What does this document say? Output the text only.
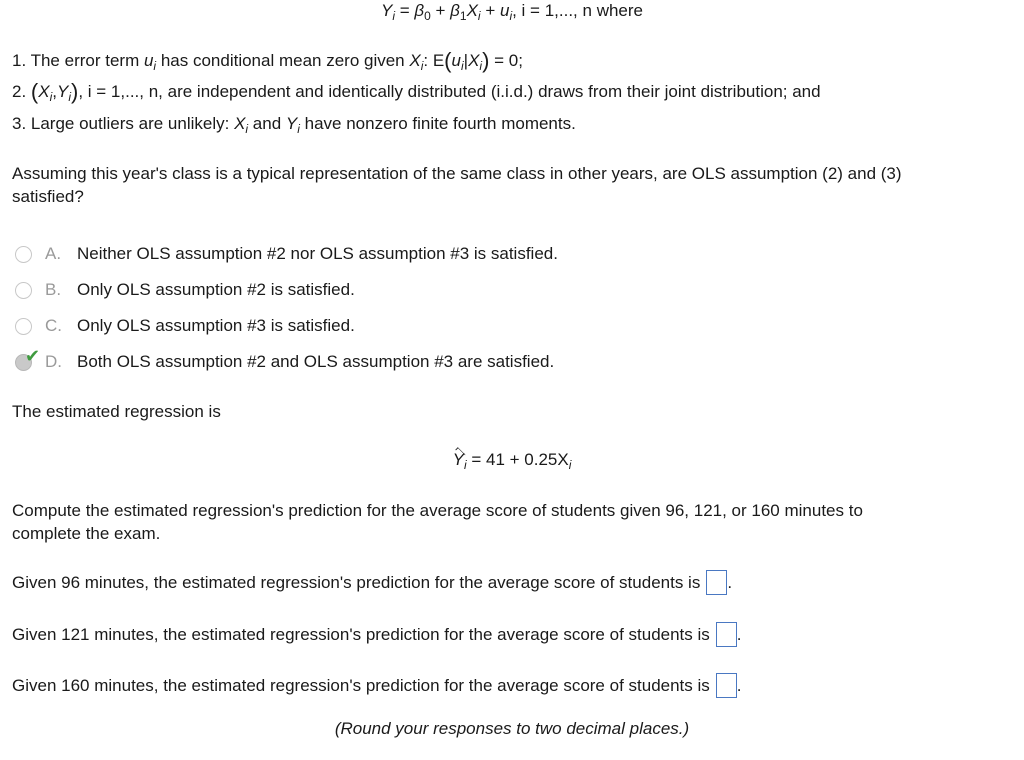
$Y_i = \beta_0 + \beta_1X_i + u_i$, i = 1,..., n where
1. The error term $u_i$ has conditional mean zero given $X_i$: $E(u_i|X_i) = 0$;
2. $(X_i,Y_i)$, i = 1,..., n, are independent and identically distributed (i.i.d.) draws from their joint distribution; and
3. Large outliers are unlikely: $X_i$ and $Y_i$ have nonzero finite fourth moments.
Assuming this year's class is a typical representation of the same class in other years, are OLS assumption (2) and (3)
satisfied?
A. Neither OLS assumption #2 nor OLS assumption #3 is satisfied.
B. Only OLS assumption #2 is satisfied.
C. Only OLS assumption #3 is satisfied.
✔ D. Both OLS assumption #2 and OLS assumption #3 are satisfied.
The estimated regression is
$Y_i = 41 + 0.25X_i$
Compute the estimated regression's prediction for the average score of students given 96, 121, or 160 minutes to
complete the exam.
Given 96 minutes, the estimated regression's prediction for the average score of students is .
Given 121 minutes, the estimated regression's prediction for the average score of students is .
Given 160 minutes, the estimated regression's prediction for the average score of students is .
(Round your responses to two decimal places.)
